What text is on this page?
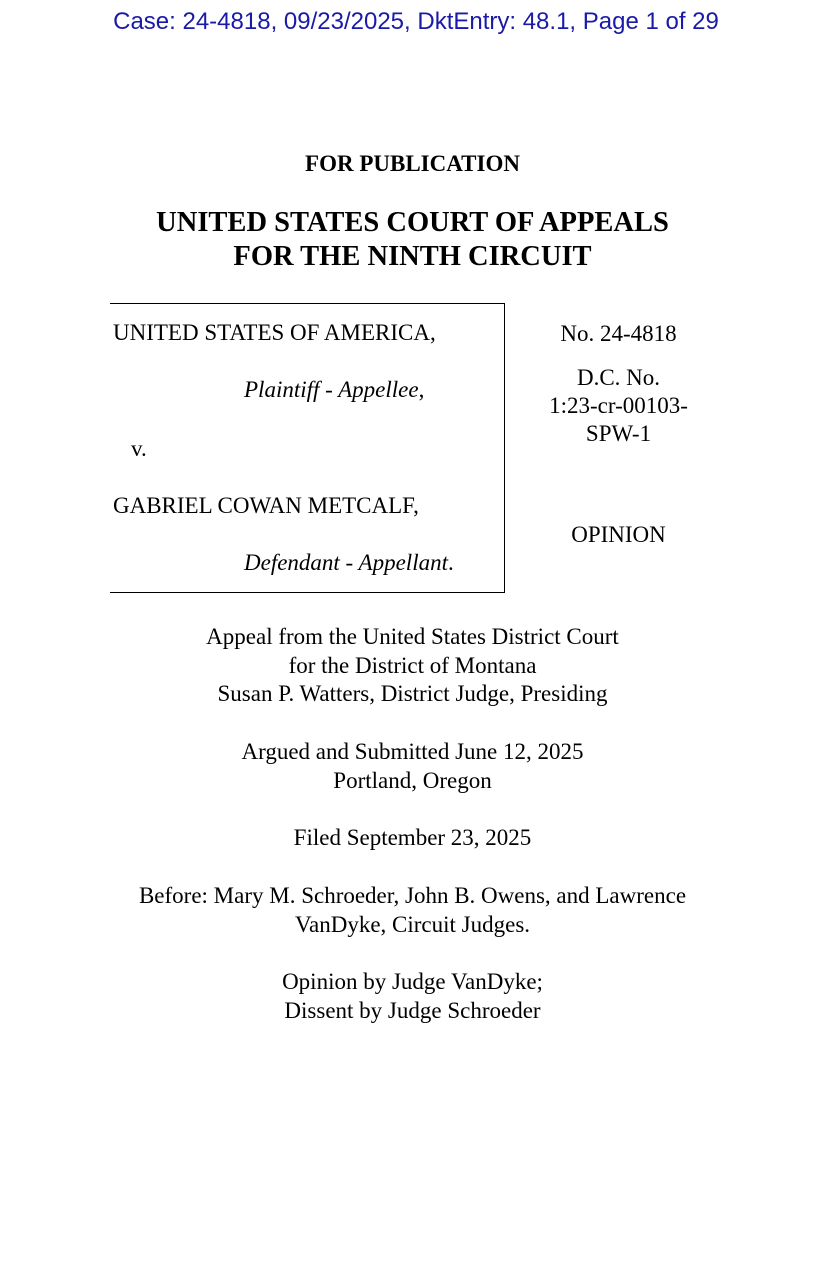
Case: 24-4818, 09/23/2025, DktEntry: 48.1, Page 1 of 29
FOR PUBLICATION
UNITED STATES COURT OF APPEALS
FOR THE NINTH CIRCUIT
UNITED STATES OF AMERICA,
Plaintiff - Appellee,
v.
GABRIEL COWAN METCALF,
Defendant - Appellant.
No. 24-4818
D.C. No.
1:23-cr-00103-
SPW-1
OPINION
Appeal from the United States District Court
for the District of Montana
Susan P. Watters, District Judge, Presiding
Argued and Submitted June 12, 2025
Portland, Oregon
Filed September 23, 2025
Before: Mary M. Schroeder, John B. Owens, and Lawrence
VanDyke, Circuit Judges.
Opinion by Judge VanDyke;
Dissent by Judge Schroeder
